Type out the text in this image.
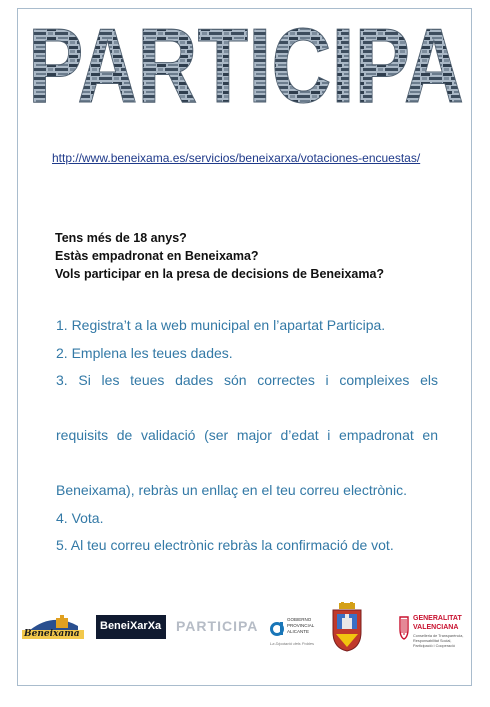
PARTICIPA
http://www.beneixama.es/servicios/beneixarxa/votaciones-encuestas/
Tens més de 18 anys?
Estàs empadronat en Beneixama?
Vols participar en la presa de decisions de Beneixama?
1. Registra’t a la web municipal en l’apartat Participa.
2. Emplena les teues dades.
3. Si les teues dades són correctes i compleixes els
requisits de validació (ser major d’edat i empadronat en
Beneixama), rebràs un enllaç en el teu correu electrònic.
4. Vota.
5. Al teu correu electrònic rebràs la confirmació de vot.
Beneixama
BeneiXarXa PARTICIPA	GOBIERNO
PROVINCIAL
ALICANTE
La Diputació dels Pobles
GENERALITAT
VALENCIANA
Conselleria de Transparència,
Responsabilitat Social,
Participació i Cooperació
